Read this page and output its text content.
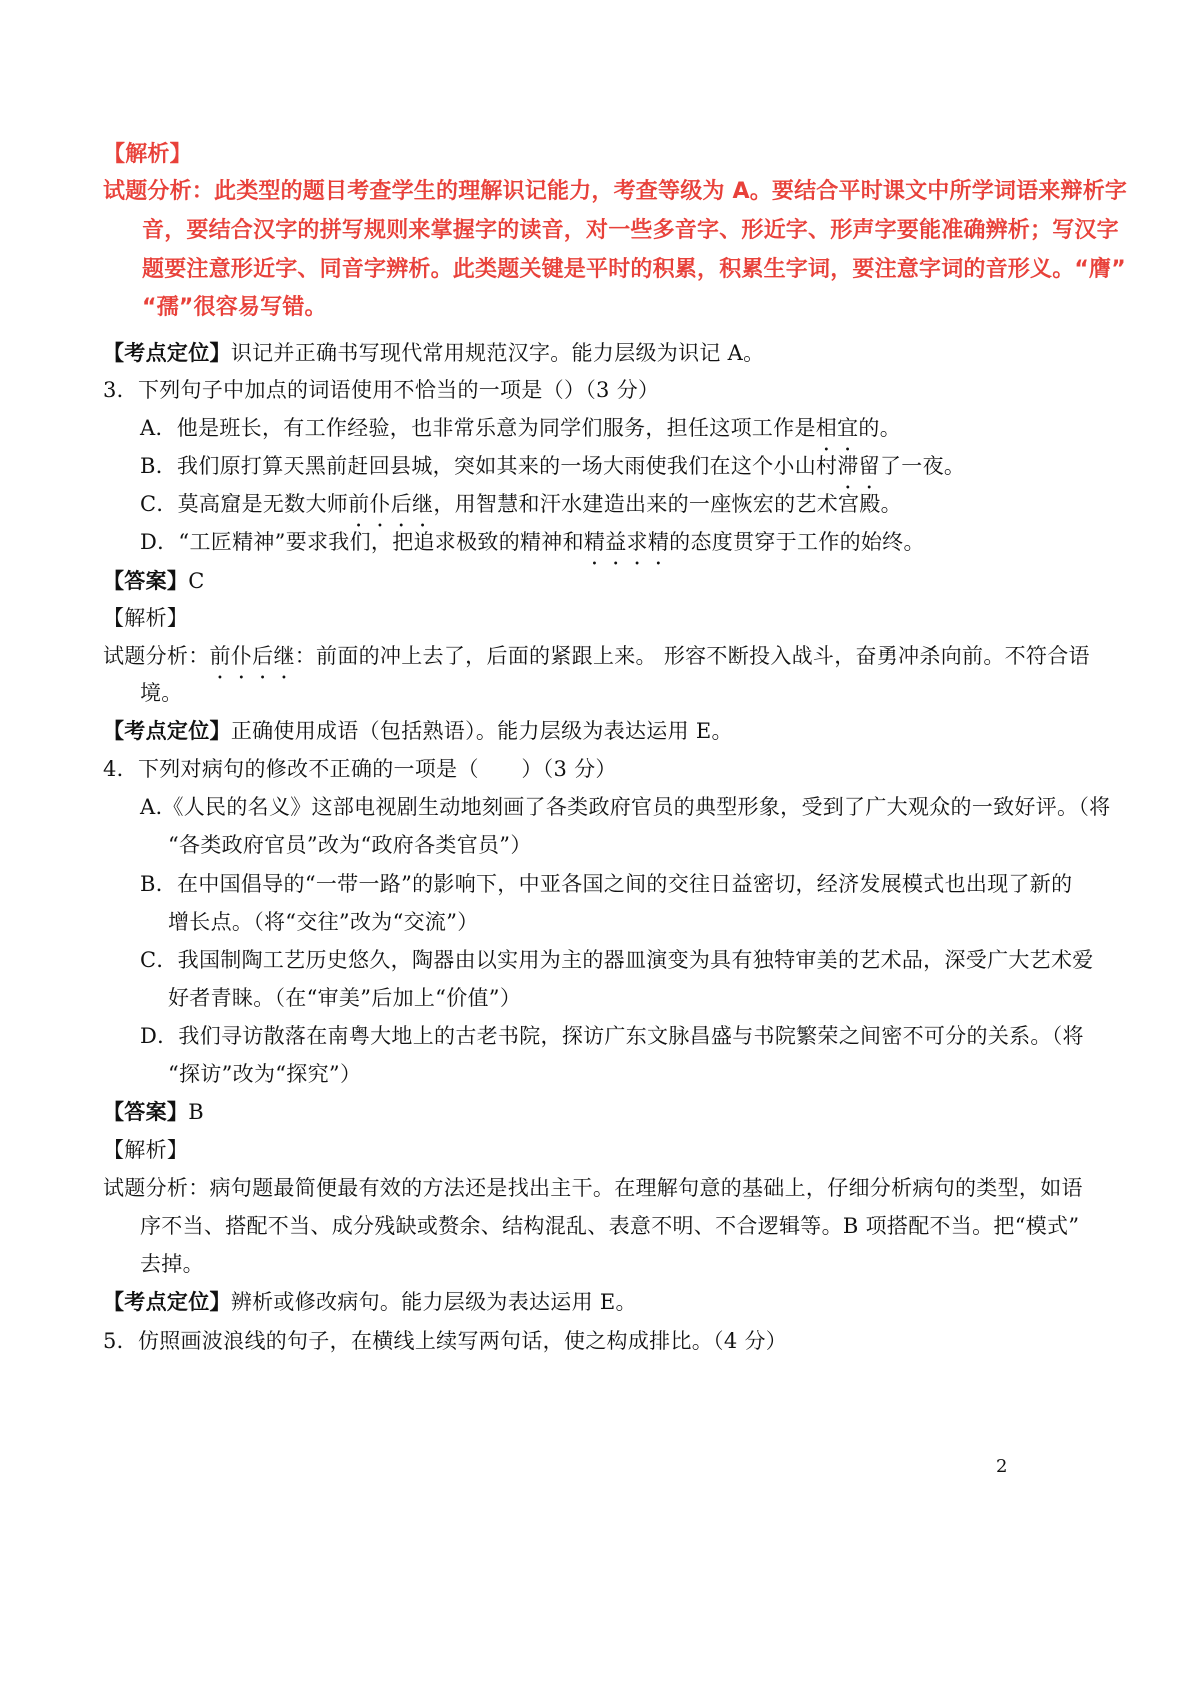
【解析】
试题分析：此类型的题目考查学生的理解识记能力，考查等级为 A。要结合平时课文中所学词语来辩析字
音，要结合汉字的拼写规则来掌握字的读音，对一些多音字、形近字、形声字要能准确辨析；写汉字
题要注意形近字、同音字辨析。此类题关键是平时的积累，积累生字词，要注意字词的音形义。“膺”
“孺”很容易写错。
【考点定位】识记并正确书写现代常用规范汉字。能力层级为识记 A。
3．下列句子中加点的词语使用不恰当的一项是（）（3 分）
A．他是班长，有工作经验，也非常乐意为同学们服务，担任这项工作是相宜的。
B．我们原打算天黑前赶回县城，突如其来的一场大雨使我们在这个小山村滞留了一夜。
C．莫高窟是无数大师前仆后继，用智慧和汗水建造出来的一座恢宏的艺术宫殿。
D．“工匠精神”要求我们，把追求极致的精神和精益求精的态度贯穿于工作的始终。
【答案】C
【解析】
试题分析：前仆后继：前面的冲上去了，后面的紧跟上来。 形容不断投入战斗，奋勇冲杀向前。不符合语
境。
【考点定位】正确使用成语（包括熟语）。能力层级为表达运用 E。
4．下列对病句的修改不正确的一项是（　　）（3 分）
A.《人民的名义》这部电视剧生动地刻画了各类政府官员的典型形象，受到了广大观众的一致好评。（将
“各类政府官员”改为“政府各类官员”）
B．在中国倡导的“一带一路”的影响下，中亚各国之间的交往日益密切，经济发展模式也出现了新的
增长点。（将“交往”改为“交流”）
C．我国制陶工艺历史悠久，陶器由以实用为主的器皿演变为具有独特审美的艺术品，深受广大艺术爱
好者青睐。（在“审美”后加上“价值”）
D．我们寻访散落在南粤大地上的古老书院，探访广东文脉昌盛与书院繁荣之间密不可分的关系。（将
“探访”改为“探究”）
【答案】B
【解析】
试题分析：病句题最简便最有效的方法还是找出主干。在理解句意的基础上，仔细分析病句的类型，如语
序不当、搭配不当、成分残缺或赘余、结构混乱、表意不明、不合逻辑等。B 项搭配不当。把“模式”
去掉。
【考点定位】辨析或修改病句。能力层级为表达运用 E。
5．仿照画波浪线的句子，在横线上续写两句话，使之构成排比。（4 分）
2
